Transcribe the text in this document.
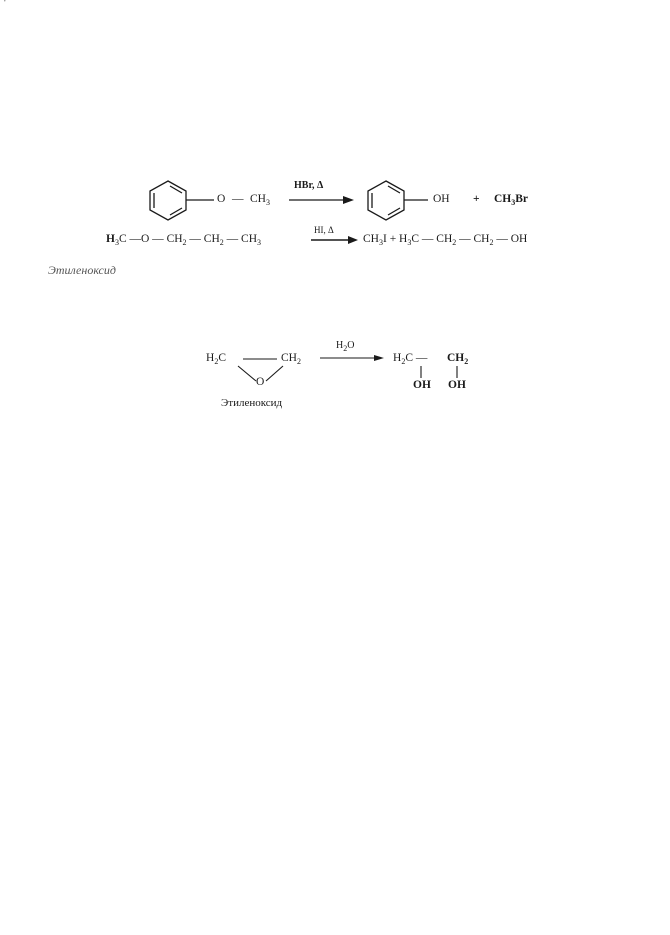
'
O — $CH_3$
HBr, Δ
OH + $CH_3Br$
$H_3C$ —O — $CH_2$ — $CH_2$ — $CH_3$
HI, Δ
$CH_3I + H_3C$ — $CH_2$ — $CH_2$ — OH
Этиленоксид
$H_2C$	$CH_2$
O
Этиленоксид
$H_2O$
$H_2C$ — $CH_2$
OH OH
